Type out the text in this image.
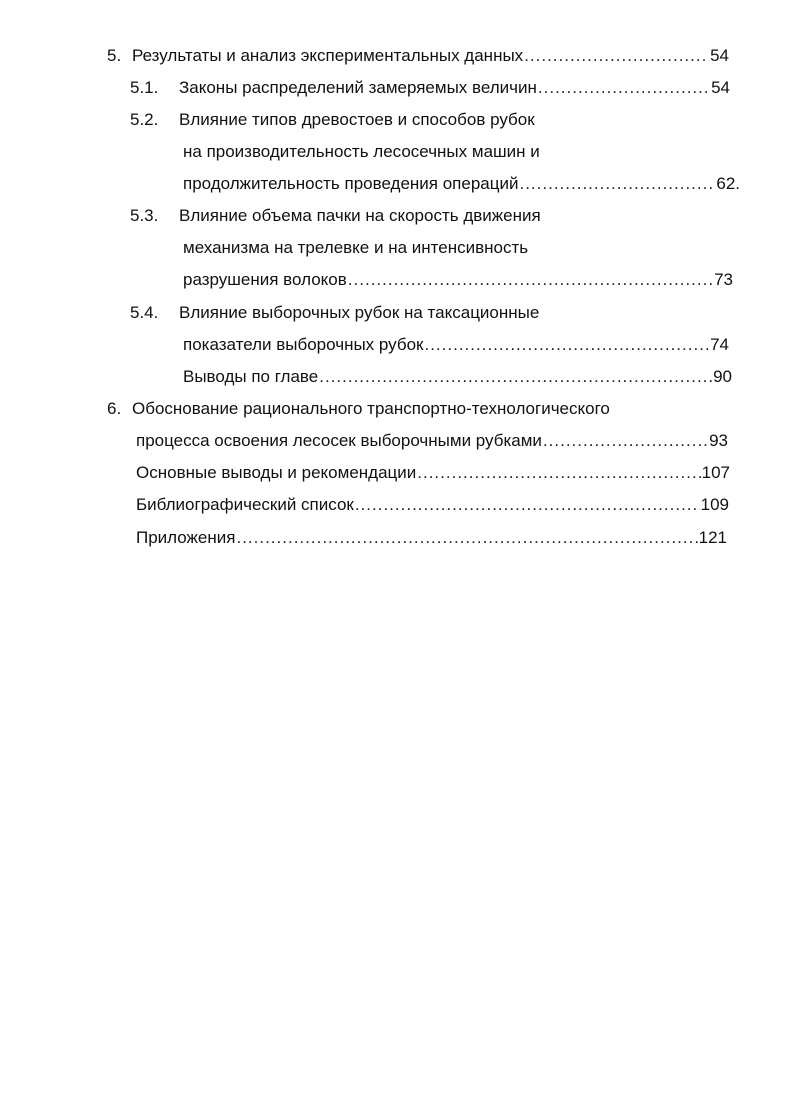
5. Результаты и анализ экспериментальных данных .....	54
5.1.	Законы распределений замеряемых величин .....	54
5.2.	Влияние типов древостоев и способов рубок
на производительность лесосечных машин и
продолжительность проведения операций .....	62.
5.3.	Влияние объема пачки на скорость движения
механизма на трелевке и на интенсивность
разрушения волоков .....	73
5.4.	Влияние выборочных рубок на таксационные
показатели выборочных рубок .....	74
Выводы по главе .....	90
6. Обоснование рационального транспортно-технологического
процесса освоения лесосек выборочными рубками .....	93
Основные выводы и рекомендации .....	107
Библиографический список .....	109
Приложения .....	121
